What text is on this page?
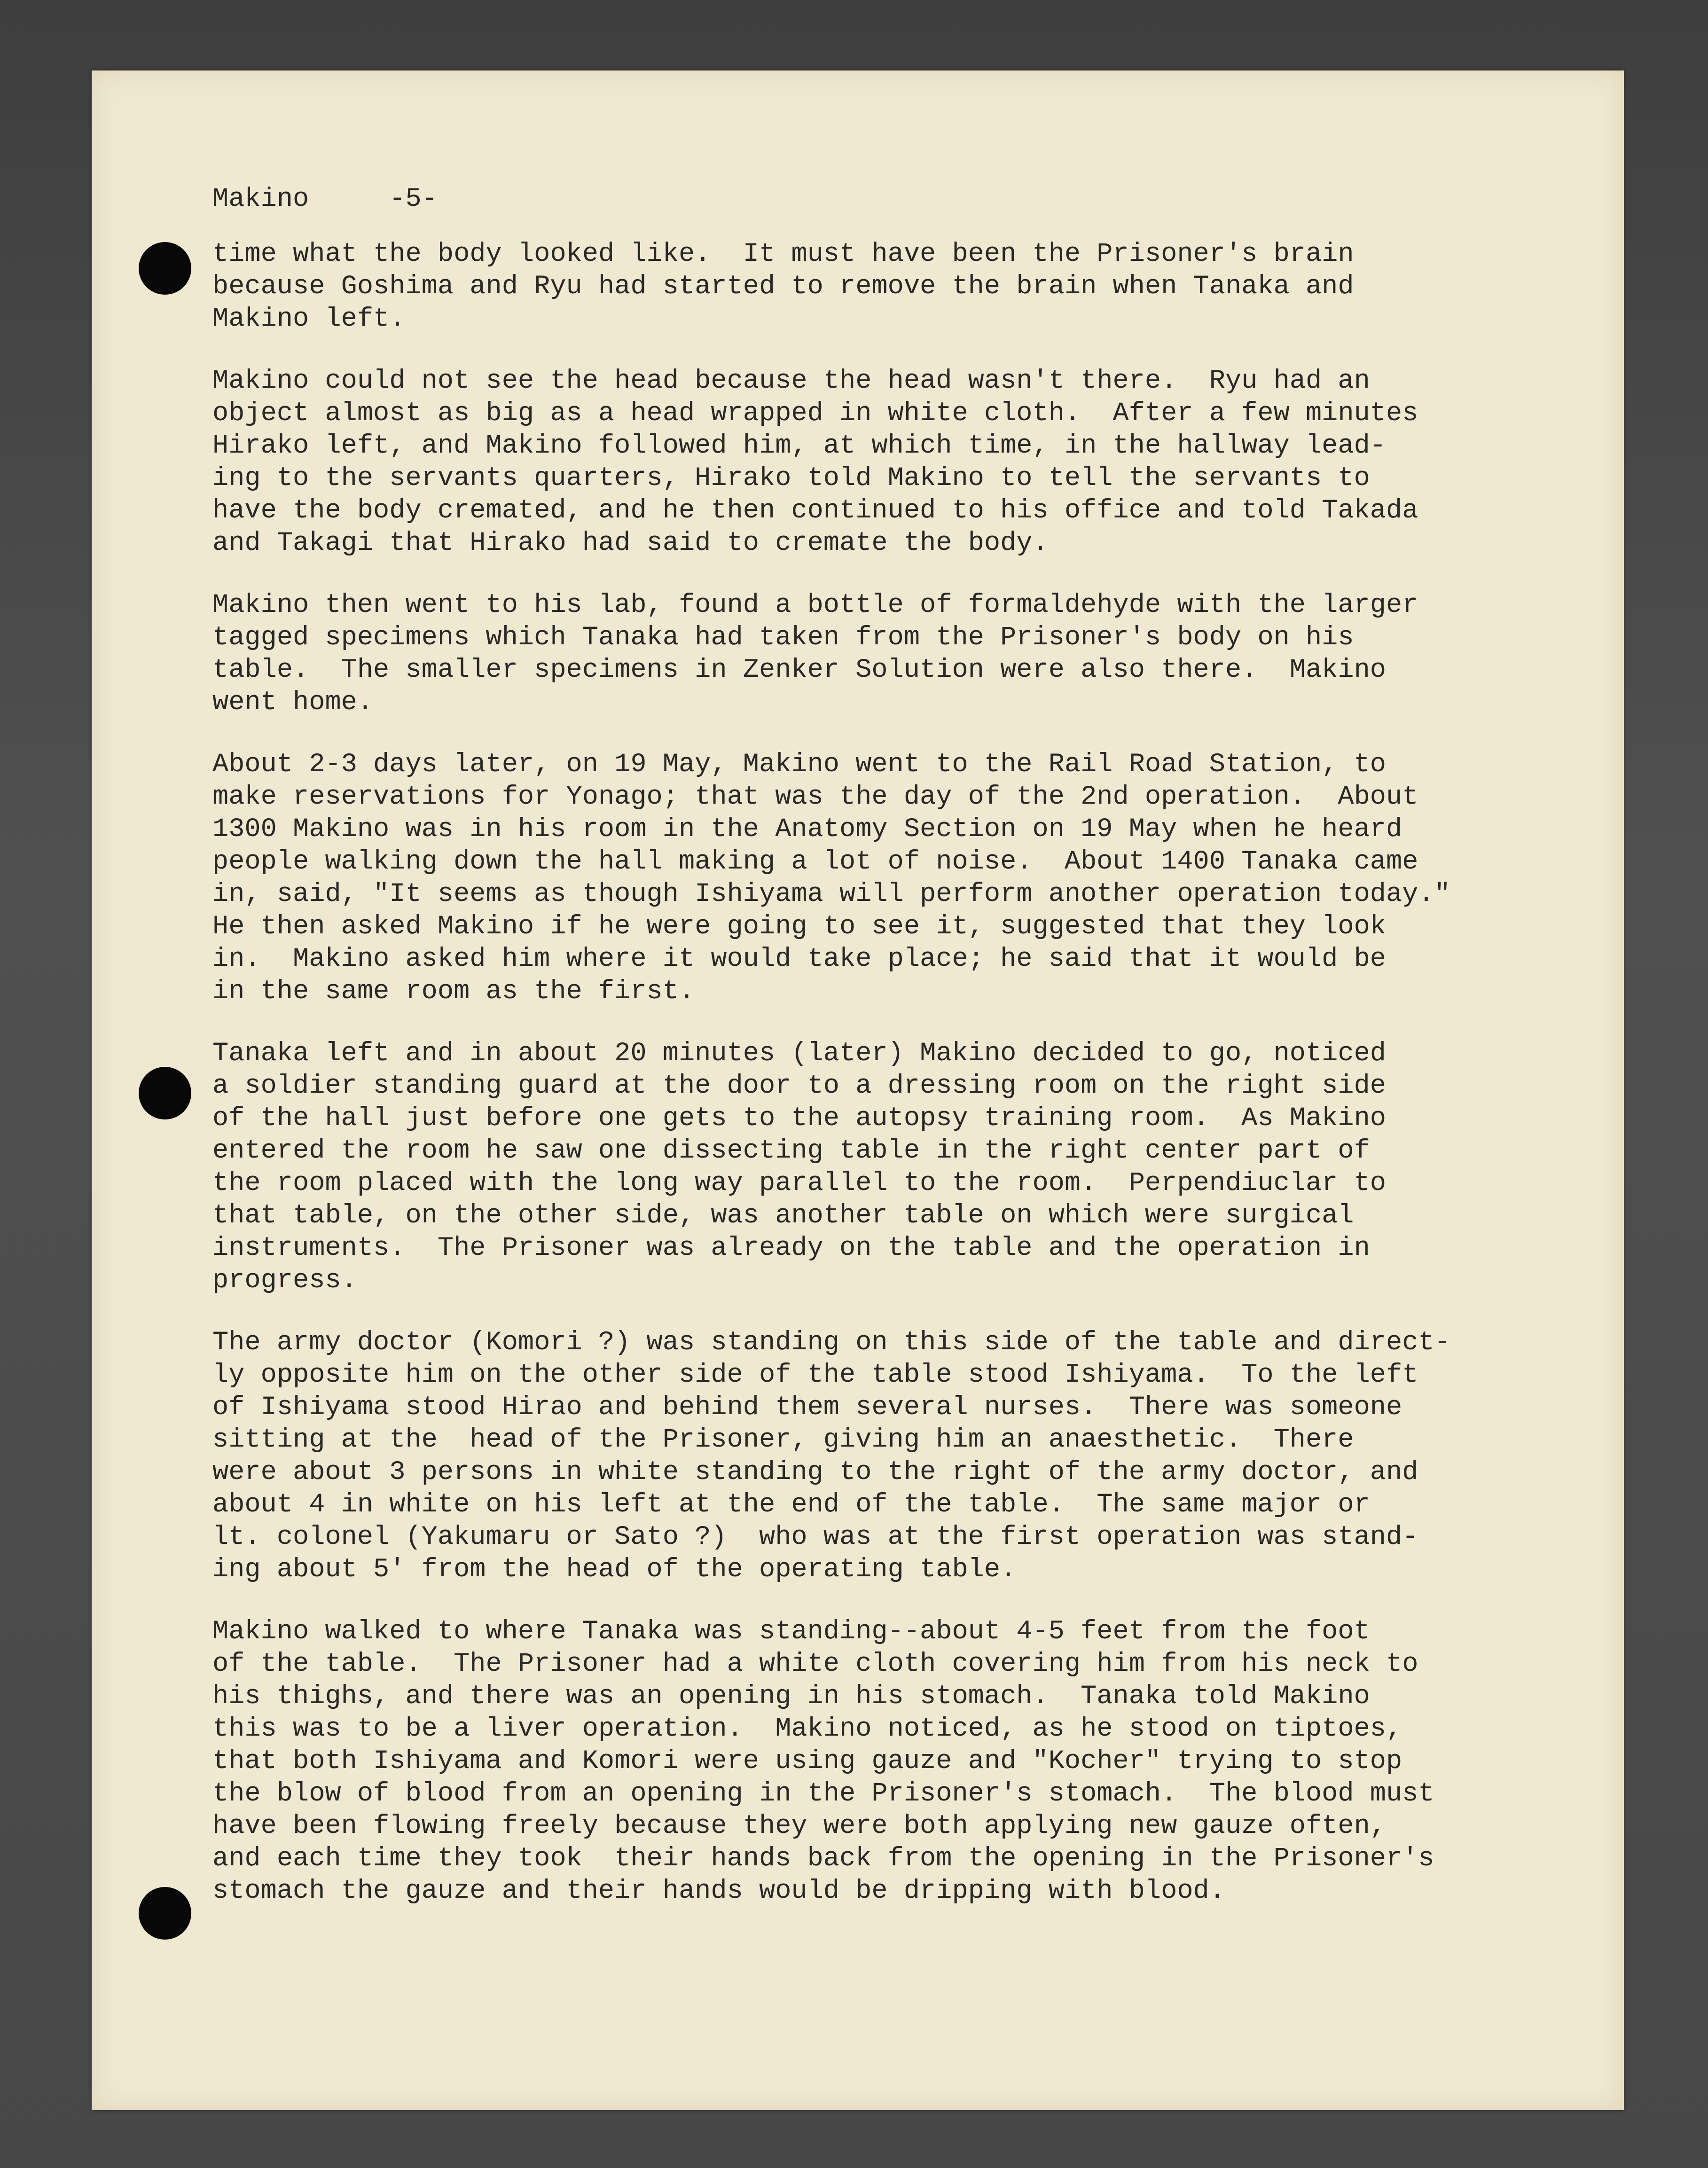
Makino	-5-
time what the body looked like.  It must have been the Prisoner's brain
because Goshima and Ryu had started to remove the brain when Tanaka and
Makino left.
Makino could not see the head because the head wasn't there.  Ryu had an
object almost as big as a head wrapped in white cloth.  After a few minutes
Hirako left, and Makino followed him, at which time, in the hallway lead-
ing to the servants quarters, Hirako told Makino to tell the servants to
have the body cremated, and he then continued to his office and told Takada
and Takagi that Hirako had said to cremate the body.
Makino then went to his lab, found a bottle of formaldehyde with the larger
tagged specimens which Tanaka had taken from the Prisoner's body on his
table.  The smaller specimens in Zenker Solution were also there.  Makino
went home.
About 2-3 days later, on 19 May, Makino went to the Rail Road Station, to
make reservations for Yonago; that was the day of the 2nd operation.  About
1300 Makino was in his room in the Anatomy Section on 19 May when he heard
people walking down the hall making a lot of noise.  About 1400 Tanaka came
in, said, "It seems as though Ishiyama will perform another operation today."
He then asked Makino if he were going to see it, suggested that they look
in.  Makino asked him where it would take place; he said that it would be
in the same room as the first.
Tanaka left and in about 20 minutes (later) Makino decided to go, noticed
a soldier standing guard at the door to a dressing room on the right side
of the hall just before one gets to the autopsy training room.  As Makino
entered the room he saw one dissecting table in the right center part of
the room placed with the long way parallel to the room.  Perpendiuclar to
that table, on the other side, was another table on which were surgical
instruments.  The Prisoner was already on the table and the operation in
progress.
The army doctor (Komori ?) was standing on this side of the table and direct-
ly opposite him on the other side of the table stood Ishiyama.  To the left
of Ishiyama stood Hirao and behind them several nurses.  There was someone
sitting at the  head of the Prisoner, giving him an anaesthetic.  There
were about 3 persons in white standing to the right of the army doctor, and
about 4 in white on his left at the end of the table.  The same major or
lt. colonel (Yakumaru or Sato ?)  who was at the first operation was stand-
ing about 5' from the head of the operating table.
Makino walked to where Tanaka was standing--about 4-5 feet from the foot
of the table.  The Prisoner had a white cloth covering him from his neck to
his thighs, and there was an opening in his stomach.  Tanaka told Makino
this was to be a liver operation.  Makino noticed, as he stood on tiptoes,
that both Ishiyama and Komori were using gauze and "Kocher" trying to stop
the blow of blood from an opening in the Prisoner's stomach.  The blood must
have been flowing freely because they were both applying new gauze often,
and each time they took  their hands back from the opening in the Prisoner's
stomach the gauze and their hands would be dripping with blood.
